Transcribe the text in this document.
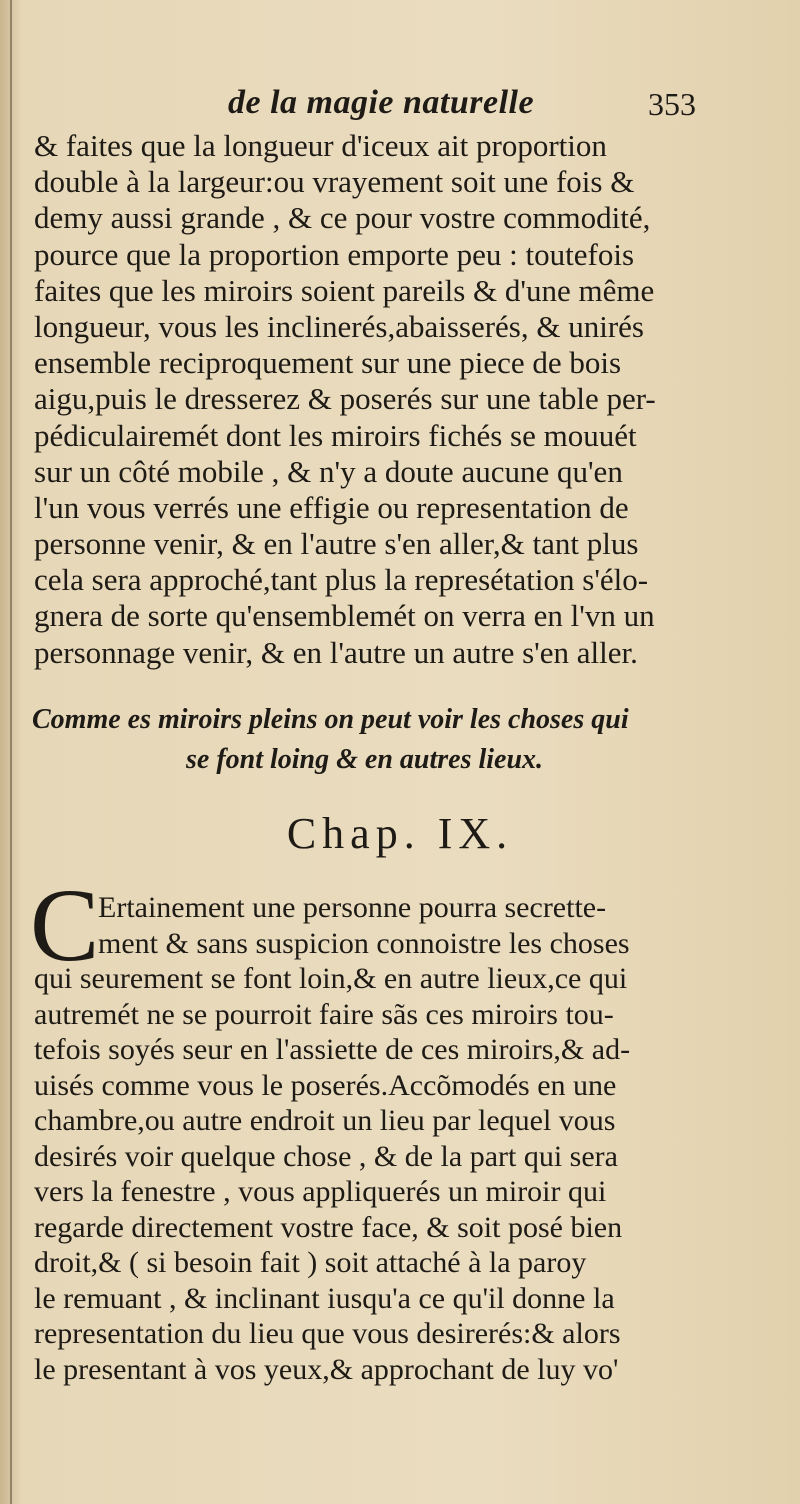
de la magie naturelle	353
& faites que la longueur d'iceux ait proportion
double à la largeur:ou vrayement soit une fois &
demy aussi grande , & ce pour vostre commodité,
pource que la proportion emporte peu : toutefois
faites que les miroirs soient pareils & d'une même
longueur, vous les inclinerés,abaisserés, & unirés
ensemble reciproquement sur une piece de bois
aigu,puis le dresserez & poserés sur une table per-
pédiculairemét dont les miroirs fichés se mouuét
sur un côté mobile , & n'y a doute aucune qu'en
l'un vous verrés une effigie ou representation de
personne venir, & en l'autre s'en aller,& tant plus
cela sera approché,tant plus la represétation s'élo-
gnera de sorte qu'ensemblemét on verra en l'vn un
personnage venir, & en l'autre un autre s'en aller.
Comme es miroirs pleins on peut voir les choses qui
se font loing & en autres lieux.
Chap. IX.
C
Ertainement une personne pourra secrette-
ment & sans suspicion connoistre les choses
qui seurement se font loin,& en autre lieux,ce qui
autremét ne se pourroit faire sãs ces miroirs tou-
tefois soyés seur en l'assiette de ces miroirs,& ad-
uisés comme vous le poserés.Accõmodés en une
chambre,ou autre endroit un lieu par lequel vous
desirés voir quelque chose , & de la part qui sera
vers la fenestre , vous appliquerés un miroir qui
regarde directement vostre face, & soit posé bien
droit,& ( si besoin fait ) soit attaché à la paroy
le remuant , & inclinant iusqu'a ce qu'il donne la
representation du lieu que vous desirerés:& alors
le presentant à vos yeux,& approchant de luy vo'
